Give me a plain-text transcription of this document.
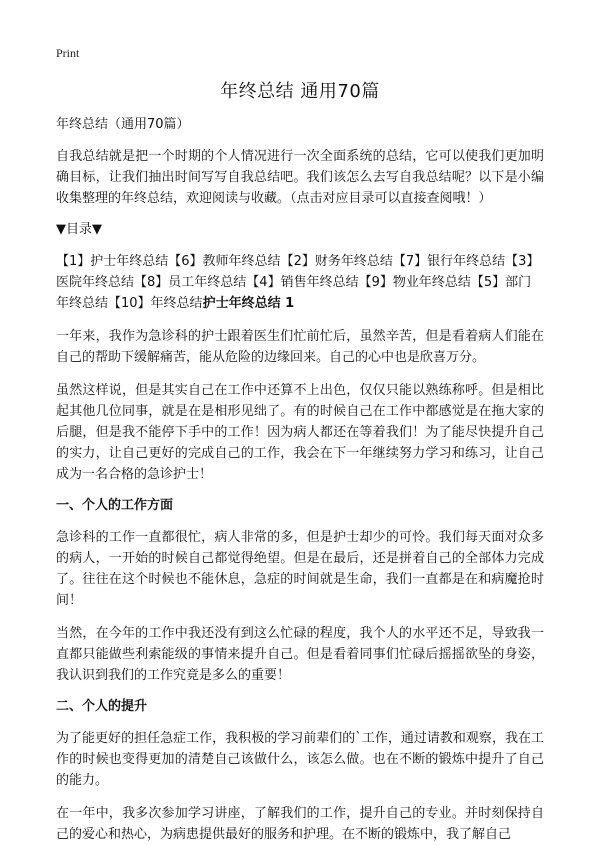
Print
年终总结 通用70篇
年终总结（通用70篇）

自我总结就是把一个时期的个人情况进行一次全面系统的总结，它可以使我们更加明确目标，让我们抽出时间写写自我总结吧。我们该怎么去写自我总结呢？以下是小编收集整理的年终总结，欢迎阅读与收藏。（点击对应目录可以直接查阅哦！）

▼目录▼
【1】护士年终总结【6】教师年终总结【2】财务年终总结【7】银行年终总结【3】医院年终总结【8】员工年终总结【4】销售年终总结【9】物业年终总结【5】部门年终总结【10】年终总结护士年终总结 1

一年来，我作为急诊科的护士跟着医生们忙前忙后，虽然辛苦，但是看着病人们能在自己的帮助下缓解痛苦，能从危险的边缘回来。自己的心中也是欣喜万分。

虽然这样说，但是其实自己在工作中还算不上出色，仅仅只能以熟练称呼。但是相比起其他几位同事，就是在是相形见绌了。有的时候自己在工作中都感觉是在拖大家的后腿，但是我不能停下手中的工作！因为病人都还在等着我们！为了能尽快提升自己的实力，让自己更好的完成自己的工作，我会在下一年继续努力学习和练习，让自己成为一名合格的急诊护士！

一、个人的工作方面

急诊科的工作一直都很忙，病人非常的多，但是护士却少的可怜。我们每天面对众多的病人，一开始的时候自己都觉得绝望。但是在最后，还是拼着自己的全部体力完成了。往往在这个时候也不能休息，急症的时间就是生命，我们一直都是在和病魔抢时间！

当然，在今年的工作中我还没有到这么忙碌的程度，我个人的水平还不足，导致我一直都只能做些利索能级的事情来提升自己。但是看着同事们忙碌后摇摇欲坠的身姿，我认识到我们的工作究竟是多么的重要！

二、个人的提升

为了能更好的担任急症工作，我积极的学习前辈们的`工作，通过请教和观察，我在工作的时候也变得更加的清楚自己该做什么，该怎么做。也在不断的锻炼中提升了自己的能力。

在一年中，我多次参加学习讲座，了解我们的工作，提升自己的专业。并时刻保持自己的爱心和热心，为病患提供最好的服务和护理。在不断的锻炼中，我了解自己
